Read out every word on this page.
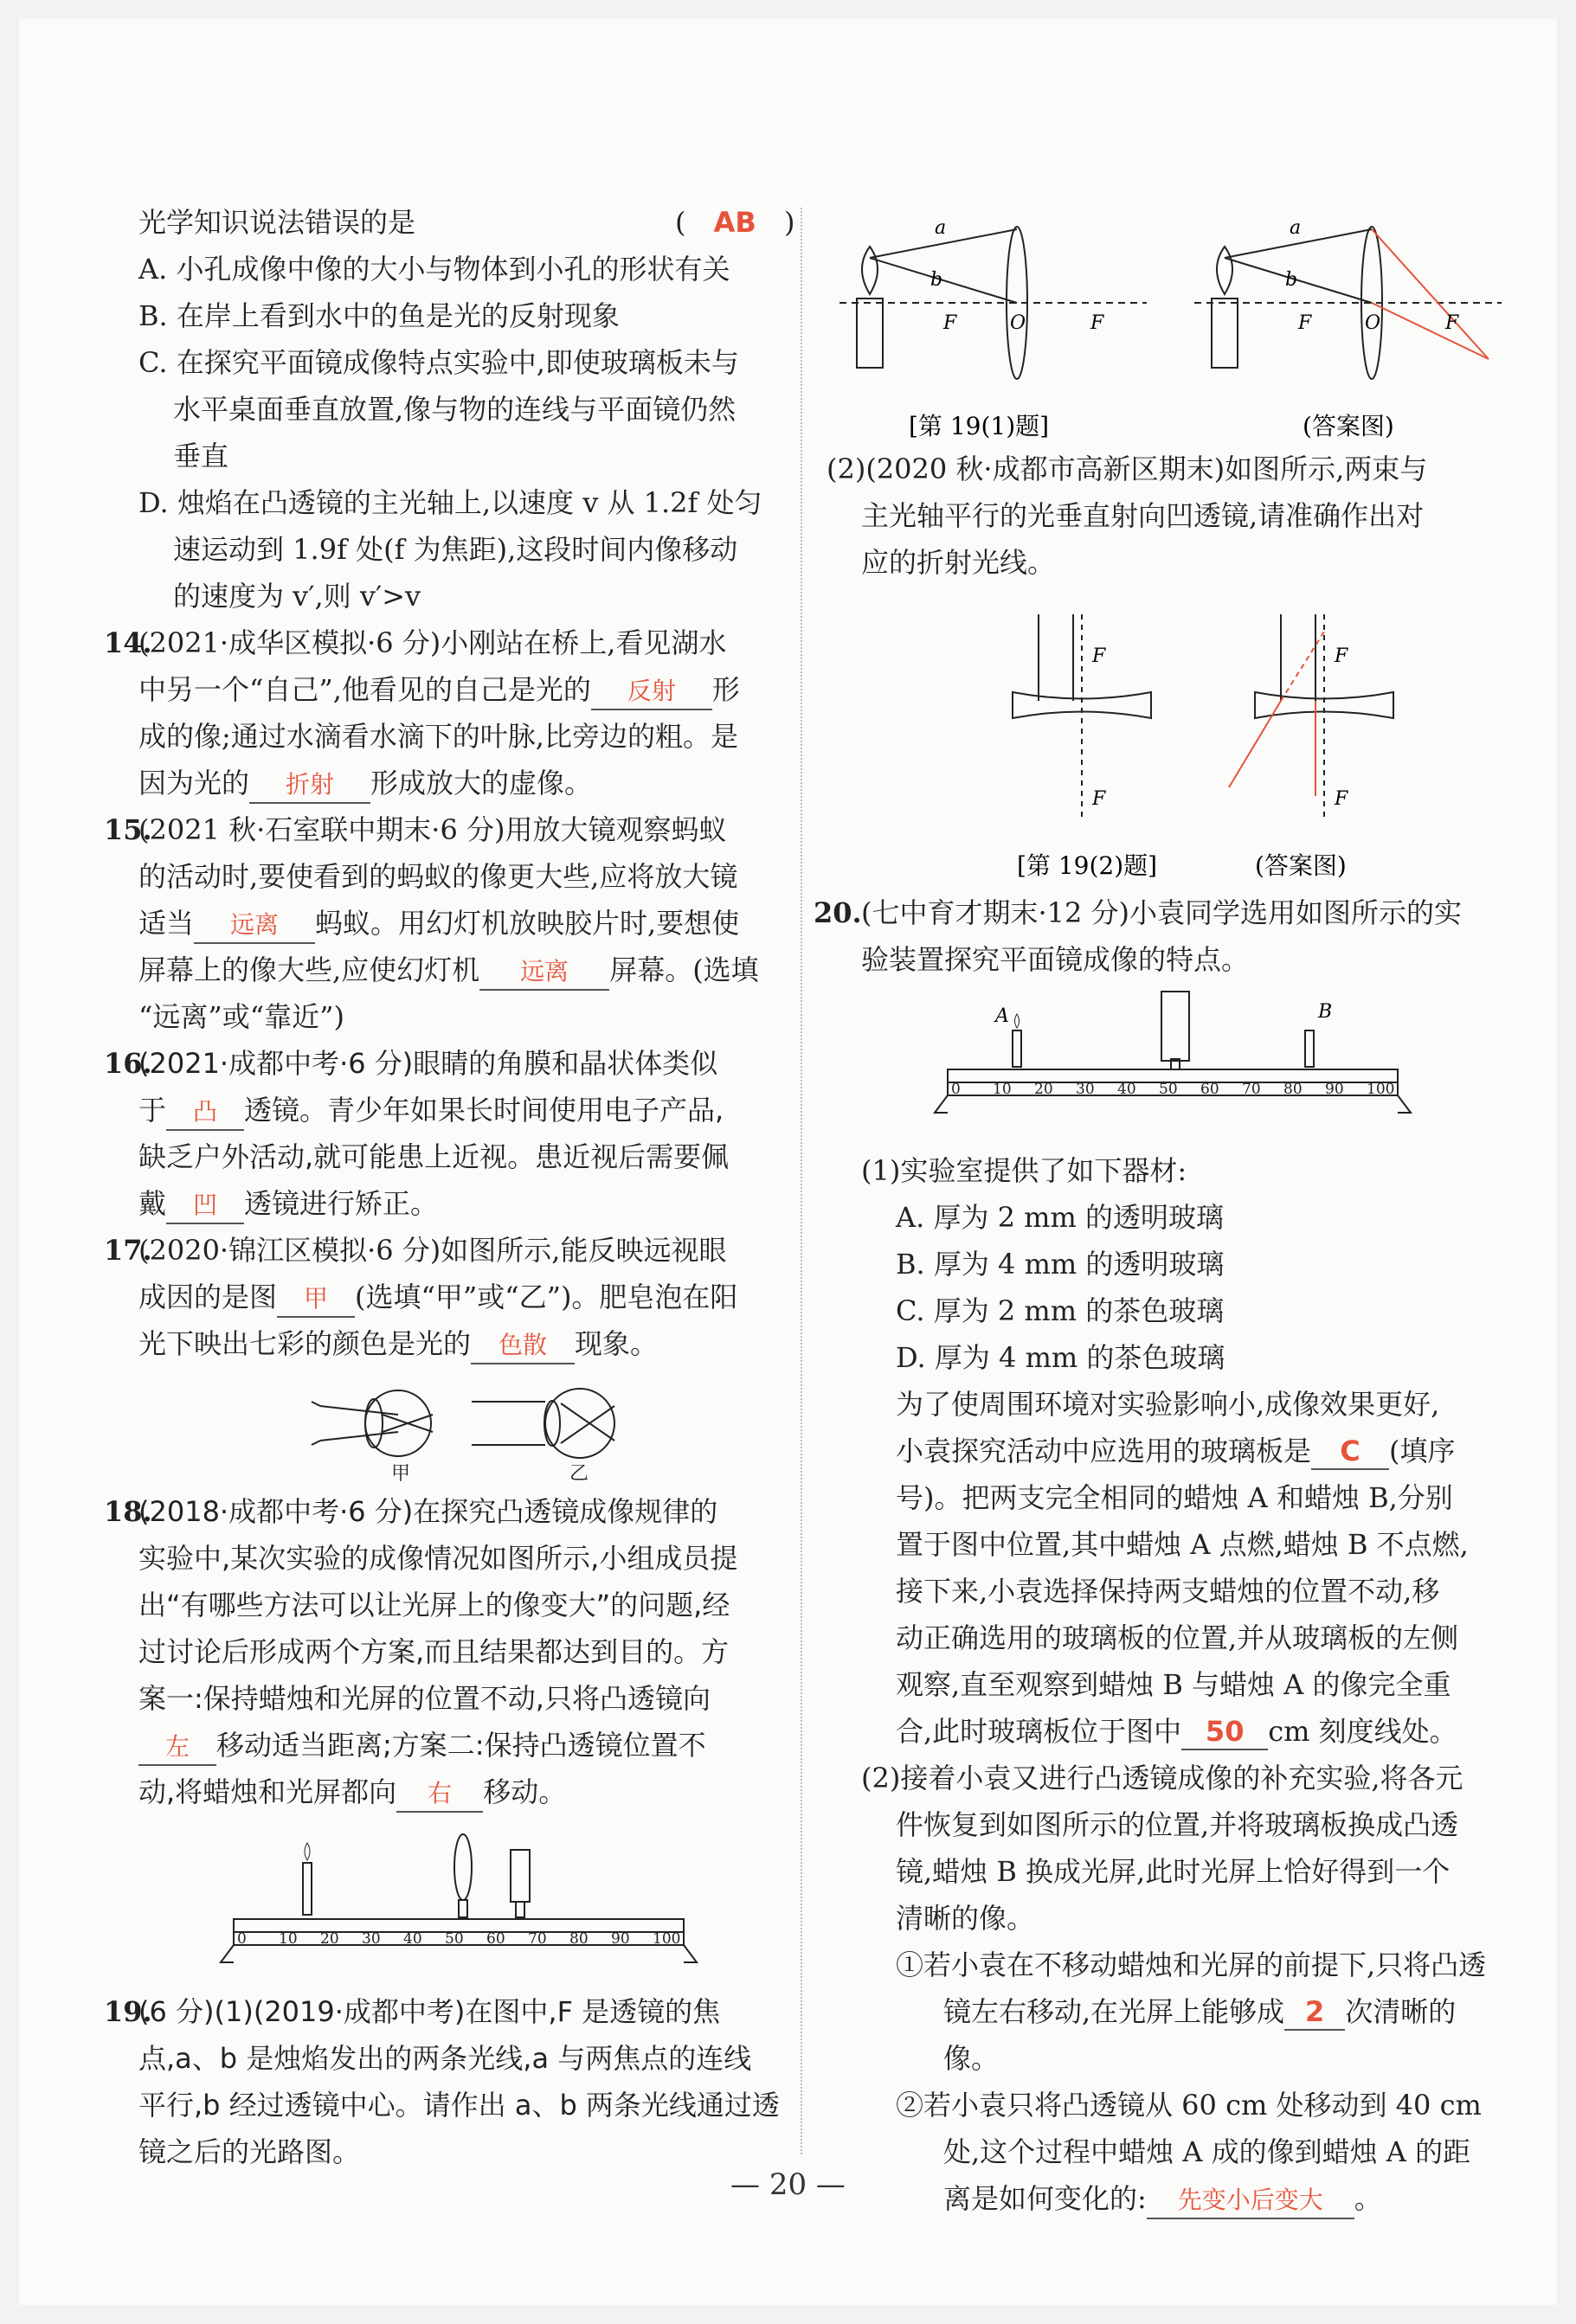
光学知识说法错误的是	( AB )
A. 小孔成像中像的大小与物体到小孔的形状有关
B. 在岸上看到水中的鱼是光的反射现象
C. 在探究平面镜成像特点实验中,即使玻璃板未与
水平桌面垂直放置,像与物的连线与平面镜仍然
垂直
D. 烛焰在凸透镜的主光轴上,以速度 v 从 1.2f 处匀
速运动到 1.9f 处(f 为焦距),这段时间内像移动
的速度为 v′,则 v′>v
14.(2021·成华区模拟·6 分)小刚站在桥上,看见湖水
中另一个“自己”,他看见的自己是光的 反射 形
成的像;通过水滴看水滴下的叶脉,比旁边的粗。是
因为光的 折射 形成放大的虚像。
15.(2021 秋·石室联中期末·6 分)用放大镜观察蚂蚁
的活动时,要使看到的蚂蚁的像更大些,应将放大镜
适当 远离 蚂蚁。用幻灯机放映胶片时,要想使
屏幕上的像大些,应使幻灯机 远离 屏幕。(选填
“远离”或“靠近”)
16.(2021·成都中考·6 分)眼睛的角膜和晶状体类似
于 凸 透镜。青少年如果长时间使用电子产品,
缺乏户外活动,就可能患上近视。患近视后需要佩
戴 凹 透镜进行矫正。
17.(2020·锦江区模拟·6 分)如图所示,能反映远视眼
成因的是图 甲 (选填“甲”或“乙”)。肥皂泡在阳
光下映出七彩的颜色是光的 色散 现象。
甲	乙
18.(2018·成都中考·6 分)在探究凸透镜成像规律的
实验中,某次实验的成像情况如图所示,小组成员提
出“有哪些方法可以让光屏上的像变大”的问题,经
过讨论后形成两个方案,而且结果都达到目的。方
案一:保持蜡烛和光屏的位置不动,只将凸透镜向
左 移动适当距离;方案二:保持凸透镜位置不
动,将蜡烛和光屏都向 右 移动。
0 10 20 30 40 50 60 70 80 90 100
19.(6 分)(1)(2019·成都中考)在图中,F 是透镜的焦
点,a、b 是烛焰发出的两条光线,a 与两焦点的连线
平行,b 经过透镜中心。请作出 a、b 两条光线通过透
镜之后的光路图。
a
b
F	O	F
a
b
F	O	F
[第 19(1)题]	(答案图)
(2)(2020 秋·成都市高新区期末)如图所示,两束与
主光轴平行的光垂直射向凹透镜,请准确作出对
应的折射光线。
F
F
F
F
[第 19(2)题]	(答案图)
20.(七中育才期末·12 分)小袁同学选用如图所示的实
验装置探究平面镜成像的特点。
A	B
0 10 20 30 40 50 60 70 80 90 100
(1)实验室提供了如下器材:
A. 厚为 2 mm 的透明玻璃
B. 厚为 4 mm 的透明玻璃
C. 厚为 2 mm 的茶色玻璃
D. 厚为 4 mm 的茶色玻璃
为了使周围环境对实验影响小,成像效果更好,
小袁探究活动中应选用的玻璃板是 C (填序
号)。把两支完全相同的蜡烛 A 和蜡烛 B,分别
置于图中位置,其中蜡烛 A 点燃,蜡烛 B 不点燃,
接下来,小袁选择保持两支蜡烛的位置不动,移
动正确选用的玻璃板的位置,并从玻璃板的左侧
观察,直至观察到蜡烛 B 与蜡烛 A 的像完全重
合,此时玻璃板位于图中 50 cm 刻度线处。
(2)接着小袁又进行凸透镜成像的补充实验,将各元
件恢复到如图所示的位置,并将玻璃板换成凸透
镜,蜡烛 B 换成光屏,此时光屏上恰好得到一个
清晰的像。
①若小袁在不移动蜡烛和光屏的前提下,只将凸透
镜左右移动,在光屏上能够成 2 次清晰的像。
②若小袁只将凸透镜从 60 cm 处移动到 40 cm
处,这个过程中蜡烛 A 成的像到蜡烛 A 的距
离是如何变化的: 先变小后变大 。
— 20 —
